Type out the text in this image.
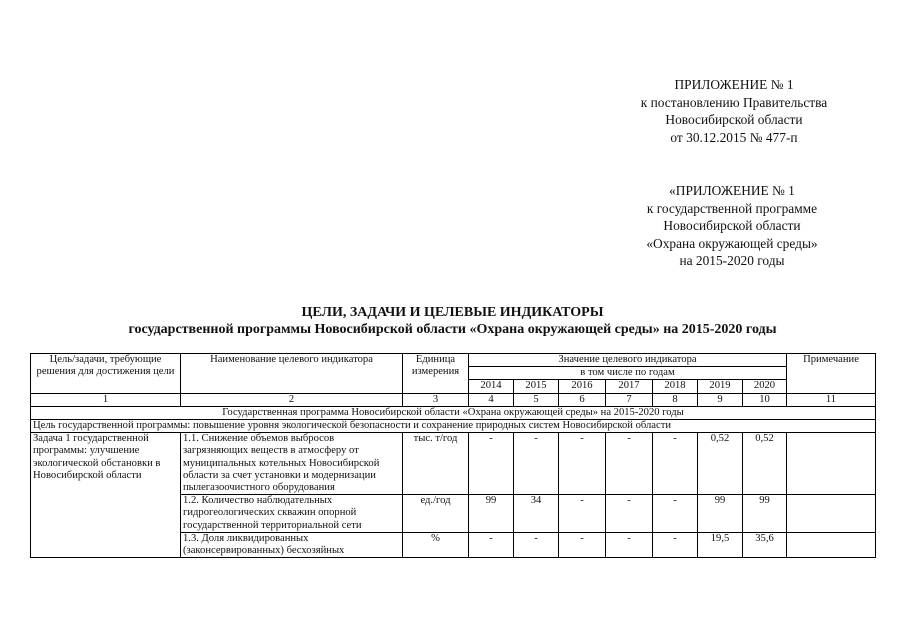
ПРИЛОЖЕНИЕ № 1
к постановлению Правительства
Новосибирской области
от 30.12.2015 № 477-п
«ПРИЛОЖЕНИЕ № 1
к государственной программе
Новосибирской области
«Охрана окружающей среды»
на 2015-2020 годы
ЦЕЛИ, ЗАДАЧИ И ЦЕЛЕВЫЕ ИНДИКАТОРЫ
государственной программы Новосибирской области «Охрана окружающей среды» на 2015-2020 годы
Цель/задачи, требующие решения для достижения цели	Наименование целевого индикатора	Единица измерения	Значение целевого индикатора							Примечание
			в том числе по годам							
			2014	2015	2016	2017	2018	2019	2020	
1	2	3	4	5	6	7	8	9	10	11
Государственная программа Новосибирской области «Охрана окружающей среды» на 2015-2020 годы										
Цель государственной программы: повышение уровня экологической безопасности и сохранение природных систем Новосибирской области										
Задача 1 государственной программы: улучшение экологической обстановки в Новосибирской области	1.1. Снижение объемов выбросов загрязняющих веществ в атмосферу от муниципальных котельных Новосибирской области за счет установки и модернизации пылегазоочистного оборудования	тыс. т/год	-	-	-	-	-	0,52	0,52	
	1.2. Количество наблюдательных гидрогеологических скважин опорной государственной территориальной сети	ед./год	99	34	-	-	-	99	99	
	1.3. Доля ликвидированных (законсервированных) бесхозяйных	%	-	-	-	-	-	19,5	35,6	
